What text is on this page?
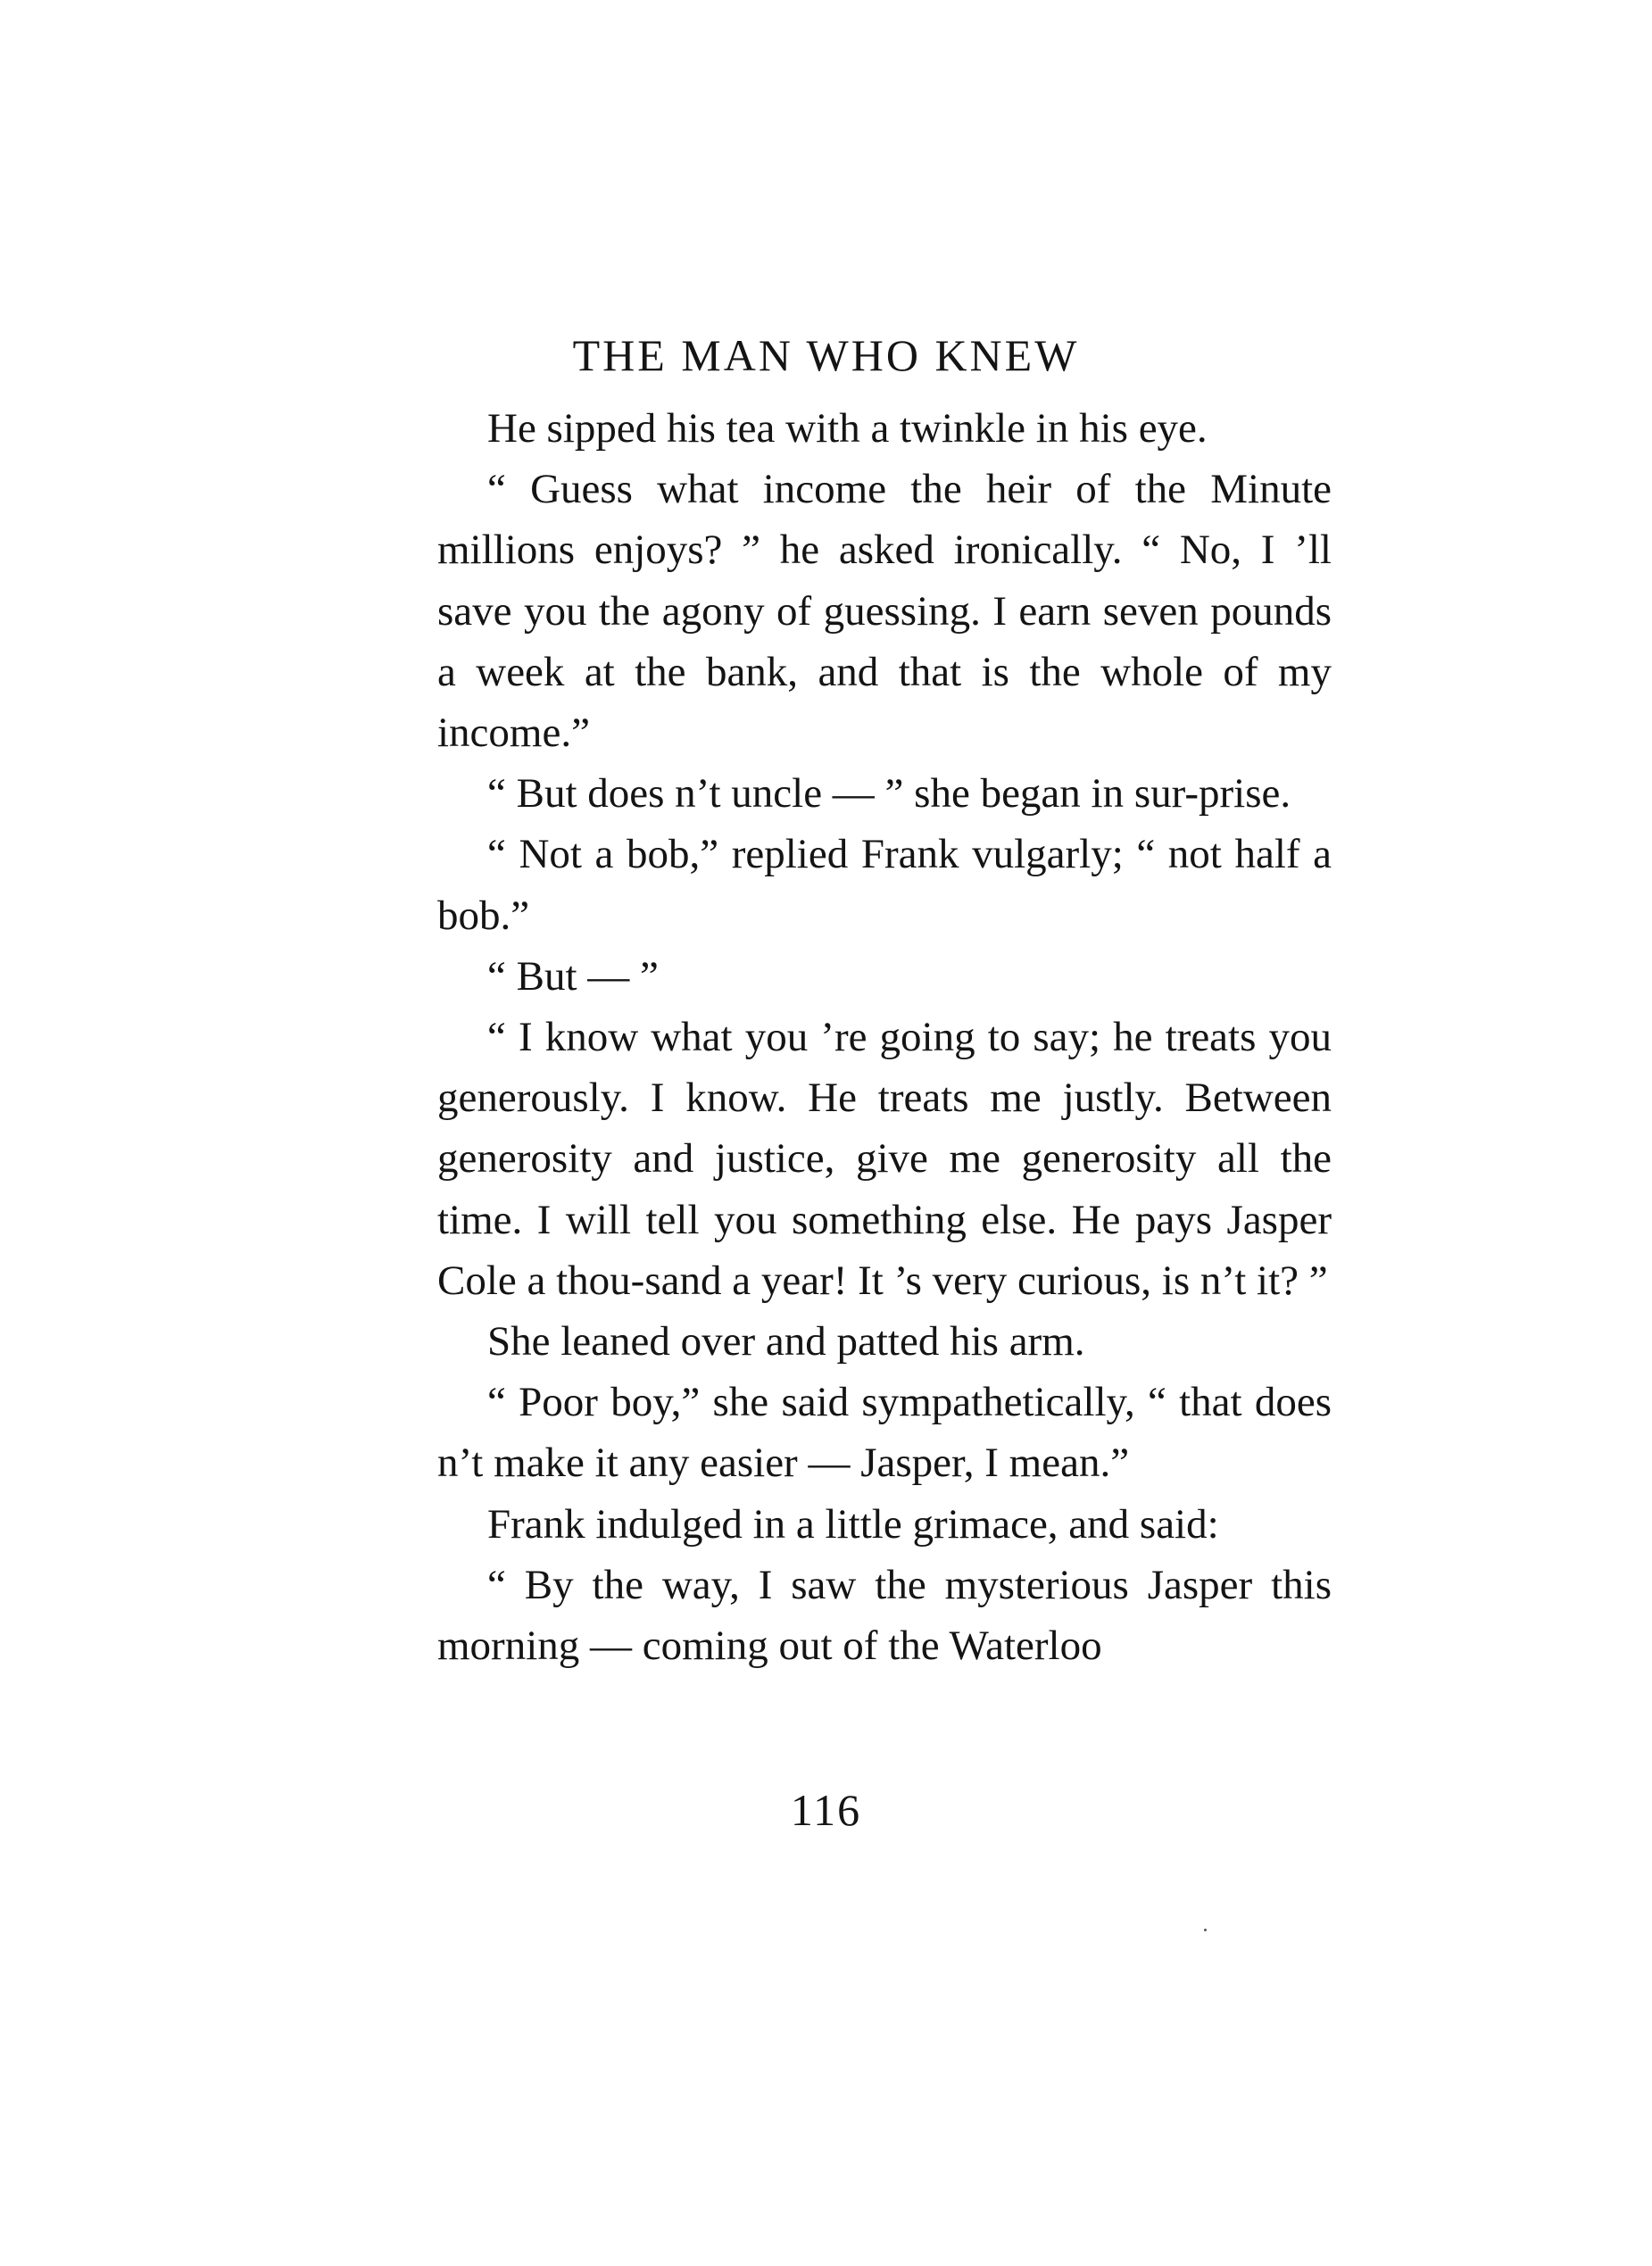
THE MAN WHO KNEW

He sipped his tea with a twinkle in his eye.

“ Guess what income the heir of the Minute millions enjoys? ” he asked ironically. “ No, I ’ll save you the agony of guessing. I earn seven pounds a week at the bank, and that is the whole of my income.”

“ But does n’t uncle — ” she began in sur-prise.

“ Not a bob,” replied Frank vulgarly; “ not half a bob.”

“ But — ”

“ I know what you ’re going to say; he treats you generously. I know. He treats me justly. Between generosity and justice, give me generosity all the time. I will tell you something else. He pays Jasper Cole a thou-sand a year! It ’s very curious, is n’t it? ”

She leaned over and patted his arm.

“ Poor boy,” she said sympathetically, “ that does n’t make it any easier — Jasper, I mean.”

Frank indulged in a little grimace, and said:

“ By the way, I saw the mysterious Jasper this morning — coming out of the Waterloo

116
